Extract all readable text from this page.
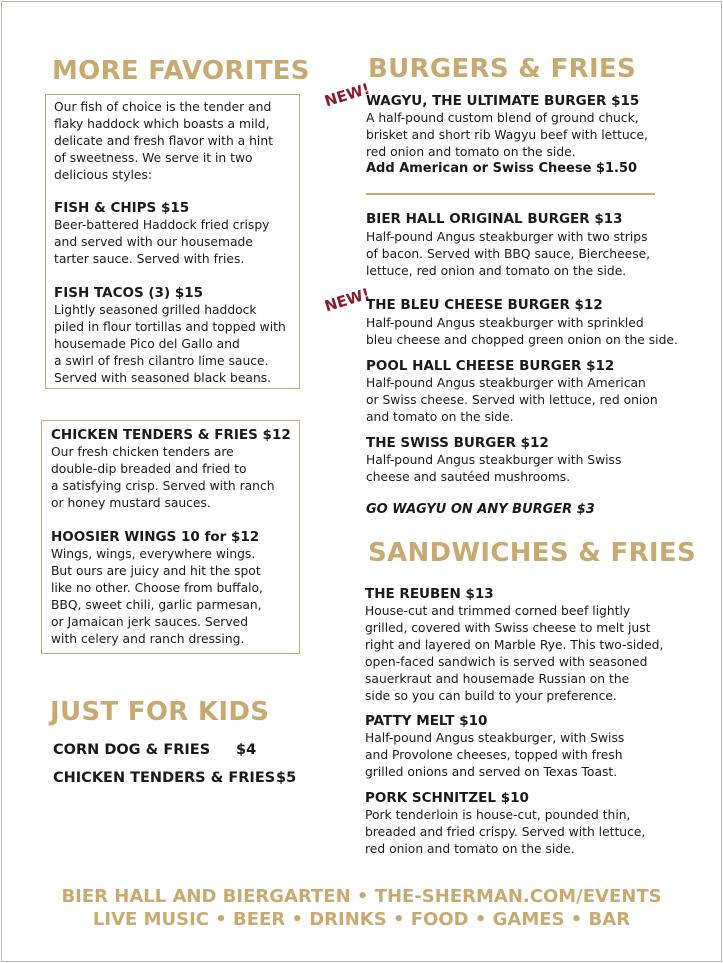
MORE FAVORITES
Our fish of choice is the tender and
flaky haddock which boasts a mild,
delicate and fresh flavor with a hint
of sweetness. We serve it in two
delicious styles:
FISH & CHIPS $15
Beer-battered Haddock fried crispy
and served with our housemade
tarter sauce. Served with fries.
FISH TACOS (3) $15
Lightly seasoned grilled haddock
piled in flour tortillas and topped with
housemade Pico del Gallo and
a swirl of fresh cilantro lime sauce.
Served with seasoned black beans.
CHICKEN TENDERS & FRIES $12
Our fresh chicken tenders are
double-dip breaded and fried to
a satisfying crisp. Served with ranch
or honey mustard sauces.
HOOSIER WINGS 10 for $12
Wings, wings, everywhere wings.
But ours are juicy and hit the spot
like no other. Choose from buffalo,
BBQ, sweet chili, garlic parmesan,
or Jamaican jerk sauces. Served
with celery and ranch dressing.
JUST FOR KIDS
CORN DOG & FRIES $4
CHICKEN TENDERS & FRIES $5
BURGERS & FRIES
NEW!
WAGYU, THE ULTIMATE BURGER $15
A half-pound custom blend of ground chuck,
brisket and short rib Wagyu beef with lettuce,
red onion and tomato on the side.
Add American or Swiss Cheese $1.50
BIER HALL ORIGINAL BURGER $13
Half-pound Angus steakburger with two strips
of bacon. Served with BBQ sauce, Biercheese,
lettuce, red onion and tomato on the side.
NEW!
THE BLEU CHEESE BURGER $12
Half-pound Angus steakburger with sprinkled
bleu cheese and chopped green onion on the side.
POOL HALL CHEESE BURGER $12
Half-pound Angus steakburger with American
or Swiss cheese. Served with lettuce, red onion
and tomato on the side.
THE SWISS BURGER $12
Half-pound Angus steakburger with Swiss
cheese and sautéed mushrooms.
GO WAGYU ON ANY BURGER $3
SANDWICHES & FRIES
THE REUBEN $13
House-cut and trimmed corned beef lightly
grilled, covered with Swiss cheese to melt just
right and layered on Marble Rye. This two-sided,
open-faced sandwich is served with seasoned
sauerkraut and housemade Russian on the
side so you can build to your preference.
PATTY MELT $10
Half-pound Angus steakburger, with Swiss
and Provolone cheeses, topped with fresh
grilled onions and served on Texas Toast.
PORK SCHNITZEL $10
Pork tenderloin is house-cut, pounded thin,
breaded and fried crispy. Served with lettuce,
red onion and tomato on the side.
BIER HALL AND BIERGARTEN • THE-SHERMAN.COM/EVENTS
LIVE MUSIC • BEER • DRINKS • FOOD • GAMES • BAR
